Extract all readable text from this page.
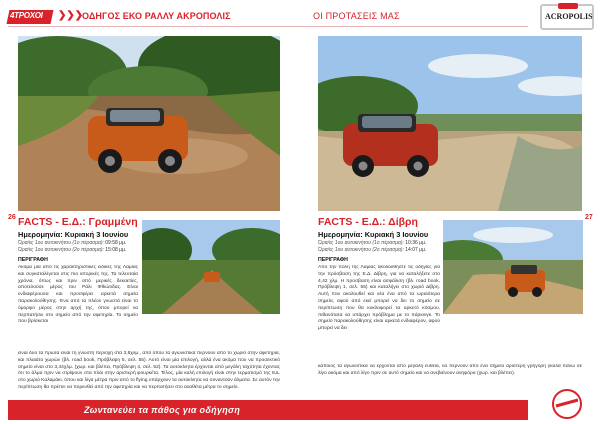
4ΤΡΟΧΟΙ ❯❯❯
ΟΔΗΓΟΣ ΕΚΟ ΡΑΛΛΥ ΑΚΡΟΠΟΛΙΣ	ΟΙ ΠΡΟΤΑΣΕΙΣ ΜΑΣ	ACROPOLIS
26	27
FACTS - Ε.Δ.: Γραμμένη
Ημερομηνία: Κυριακή 3 Ιουνίου
Ώρα/ες 1ου αυτοκινήτου (1ο πέρασμα): 09:58 μμ.
Ώρα/ες 1ου αυτοκινήτου (2ο πέρασμα): 15:08 μμ.
ΠΕΡΙΓΡΑΦΗ
Ακόμα μία από τις χαρακτηριστικές ειδικές της Λαμίας και συγκαταλέγεται στις πιο ιστορικές της. Τα τελευταία χρόνια, όπως και πριν από μερικές δεκαετίες, αποτελούσε μέρος του Ράλι Φθιώτιδας. Είναι ενδιαφέρουσα και προσφέρει αρκετά σημεία παρακολούθησης. Ένα από τα πλέον γνωστά είναι το όμορφο μέρος στην αρχή της, όπου μπορεί να περπατήσει στο σημείο από την αφετηρία. Το σημείο που βρίσκεται
είναι δύο τα πρώτα είναι τη γνωστή περιοχή στα 3,8χλμ., από όπου τα αγωνιστικά περνούν από το χωριό στην αφετηρία, και πλαιάτο χωρών (βλ. road book, Πρόβλεψη 5, σελ. 55). Αυτό είναι μία επιλογή, αλλά ένα ακόμα που να προσεκτικό σημείο είναι στο 3,44χλμ. (χωρ. και βλέπει, Πρόβλεψη 4, σελ. 52). Τα αυτοκίνητα έρχονται από μεγάλη ταχύτητα έχοντας ότι το άλμα πριν να στρίψουν στα πλάι στην αριστερή φουρκέτα. Τέλος, μία καλή επιλογή είναι στην τερματισμό της ΕΔ. στο χωριό Καλαμάκι, όπου και λίγα μέτρα πριν από το flying υπάρχουν τα αυτοκίνητα να συναντούν άλματα. Σε αυτόν την περίπτωση θα πρέπει να πορευθεί από την αφετηρία και να περπατήσει στο αναθέτα μέτρα το σημείο.
FACTS - Ε.Δ.: Δίβρη
Ημερομηνία: Κυριακή 3 Ιουνίου
Ώρα/ες 1ου αυτοκινήτου (1ο πέρασμα): 10:36 μμ.
Ώρα/ες 1ου αυτοκινήτου (2ο πέρασμα): 14:07 μμ.
ΠΕΡΙΓΡΑΦΗ
Από την πόλη της Λαμίας ακολουθήστε τις οδηγίες για την πρόσβαση της Ε.Δ. Δίβρη, για να καταλήξετε στο 4,42 χλμ. Η προσβαση είναι ασφάλιση (βλ. road book, Πρόβλεψη 1, σελ. 55) και καταλήγει στο χωριό Δίβρη. Αυτή που ακολουθεί και νέα ένα από τα ωραιότερα σημεία, αφού από εκεί μπορεί να δει το σημείο σε περίπτωση που θα κυκλοφορεί τα αρκετό κόσμου, πιθανότατα να υπάρχει πρόβλημα με το πάρκινγκ. Το σημείο παρακολούθησης είναι αρκετά ενδιαφέρον, αφού μπορεί να δει
κάποιος τα αγωνιστικά να έρχονται από μεγάλη ευθεία, να περνούν από ένα σημείο αριστερή γρήγορη γκαλά πάνω σε λίγο ακόμα και από λίγο πριν σε αυτό σημείο και να ανεβαίνουν ανηφόρα (χωρ. και βλέπει).
Ζωντανεύει τα πάθος για οδήγηση
